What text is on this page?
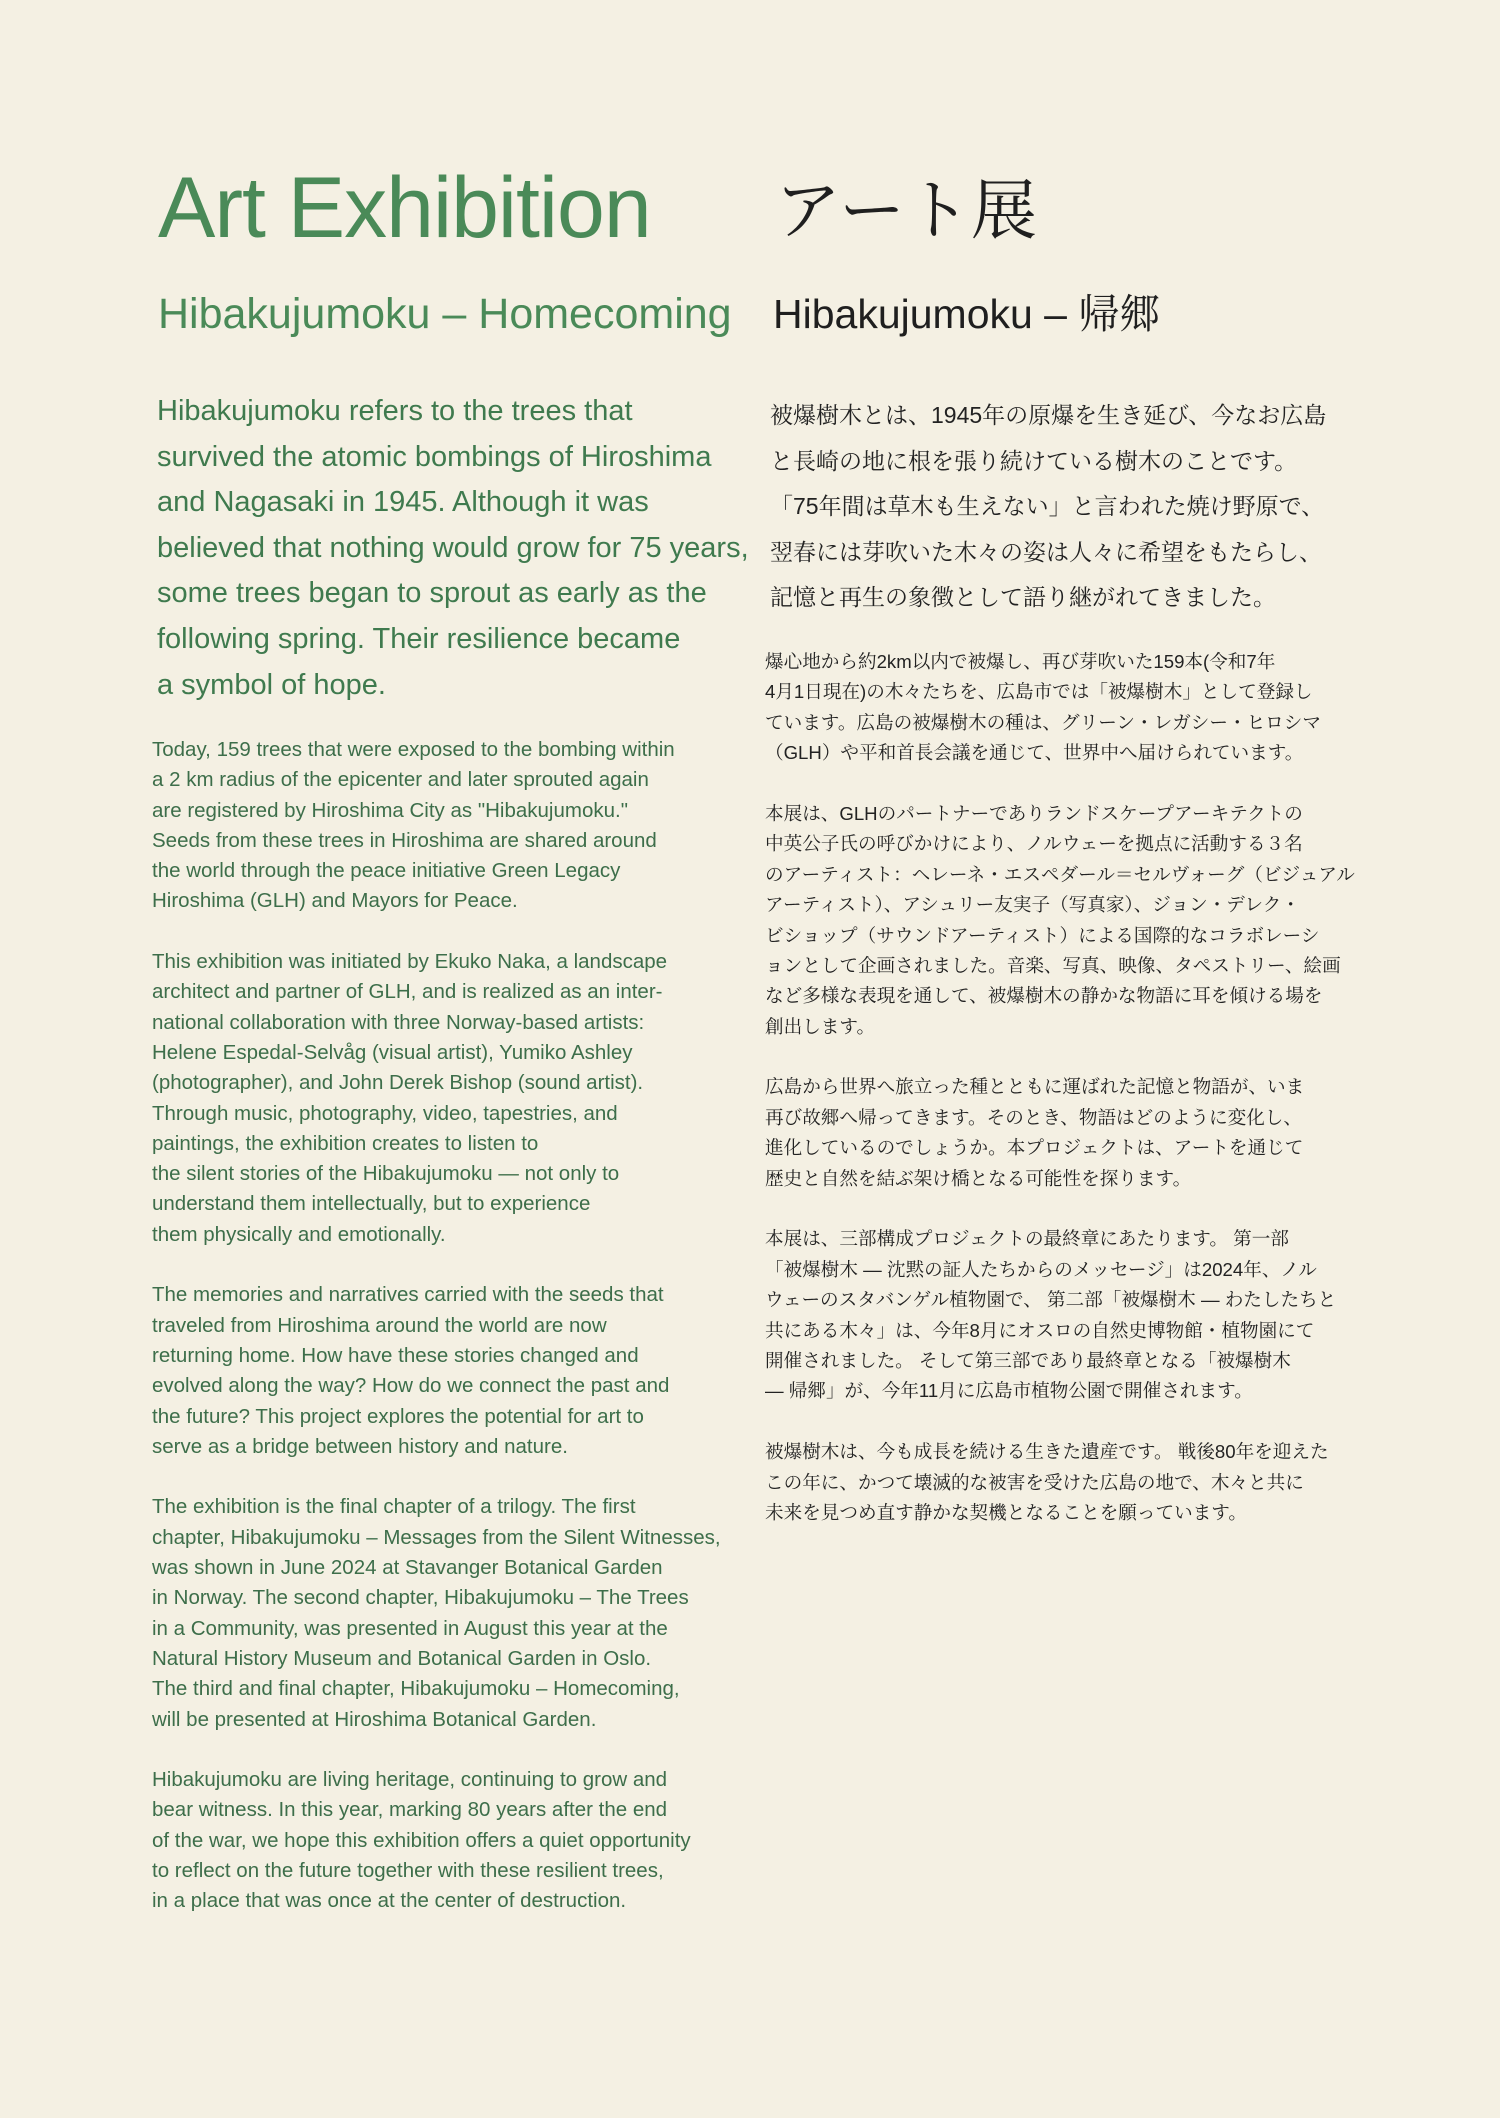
Art Exhibition アート展
Hibakujumoku – Homecoming Hibakujumoku – 帰郷
Hibakujumoku refers to the trees that
survived the atomic bombings of Hiroshima
and Nagasaki in 1945. Although it was
believed that nothing would grow for 75 years,
some trees began to sprout as early as the
following spring. Their resilience became
a symbol of hope.
被爆樹木とは、1945年の原爆を生き延び、今なお広島
と長崎の地に根を張り続けている樹木のことです。
「75年間は草木も生えない」と言われた焼け野原で、
翌春には芽吹いた木々の姿は人々に希望をもたらし、
記憶と再生の象徴として語り継がれてきました。
Today, 159 trees that were exposed to the bombing within
a 2 km radius of the epicenter and later sprouted again
are registered by Hiroshima City as "Hibakujumoku."
Seeds from these trees in Hiroshima are shared around
the world through the peace initiative Green Legacy
Hiroshima (GLH) and Mayors for Peace.
This exhibition was initiated by Ekuko Naka, a landscape
architect and partner of GLH, and is realized as an inter-
national collaboration with three Norway-based artists:
Helene Espedal-Selvåg (visual artist), Yumiko Ashley
(photographer), and John Derek Bishop (sound artist).
Through music, photography, video, tapestries, and
paintings, the exhibition creates to listen to
the silent stories of the Hibakujumoku — not only to
understand them intellectually, but to experience
them physically and emotionally.
The memories and narratives carried with the seeds that
traveled from Hiroshima around the world are now
returning home. How have these stories changed and
evolved along the way? How do we connect the past and
the future? This project explores the potential for art to
serve as a bridge between history and nature.
The exhibition is the final chapter of a trilogy. The first
chapter, Hibakujumoku – Messages from the Silent Witnesses,
was shown in June 2024 at Stavanger Botanical Garden
in Norway. The second chapter, Hibakujumoku – The Trees
in a Community, was presented in August this year at the
Natural History Museum and Botanical Garden in Oslo.
The third and final chapter, Hibakujumoku – Homecoming,
will be presented at Hiroshima Botanical Garden.
Hibakujumoku are living heritage, continuing to grow and
bear witness. In this year, marking 80 years after the end
of the war, we hope this exhibition offers a quiet opportunity
to reflect on the future together with these resilient trees,
in a place that was once at the center of destruction.
爆心地から約2km以内で被爆し、再び芽吹いた159本(令和7年
4月1日現在)の木々たちを、広島市では「被爆樹木」として登録し
ています。広島の被爆樹木の種は、グリーン・レガシー・ヒロシマ
（GLH）や平和首長会議を通じて、世界中へ届けられています。
本展は、GLHのパートナーでありランドスケープアーキテクトの
中英公子氏の呼びかけにより、ノルウェーを拠点に活動する３名
のアーティスト：ヘレーネ・エスペダール＝セルヴォーグ（ビジュアル
アーティスト）、アシュリー友実子（写真家）、ジョン・デレク・
ビショップ（サウンドアーティスト）による国際的なコラボレーシ
ョンとして企画されました。音楽、写真、映像、タペストリー、絵画
など多様な表現を通して、被爆樹木の静かな物語に耳を傾ける場を
創出します。
広島から世界へ旅立った種とともに運ばれた記憶と物語が、いま
再び故郷へ帰ってきます。そのとき、物語はどのように変化し、
進化しているのでしょうか。本プロジェクトは、アートを通じて
歴史と自然を結ぶ架け橋となる可能性を探ります。
本展は、三部構成プロジェクトの最終章にあたります。 第一部
「被爆樹木 ― 沈黙の証人たちからのメッセージ」は2024年、ノル
ウェーのスタバンゲル植物園で、 第二部「被爆樹木 ― わたしたちと
共にある木々」は、今年8月にオスロの自然史博物館・植物園にて
開催されました。 そして第三部であり最終章となる「被爆樹木
― 帰郷」が、今年11月に広島市植物公園で開催されます。
被爆樹木は、今も成長を続ける生きた遺産です。 戦後80年を迎えた
この年に、かつて壊滅的な被害を受けた広島の地で、木々と共に
未来を見つめ直す静かな契機となることを願っています。
